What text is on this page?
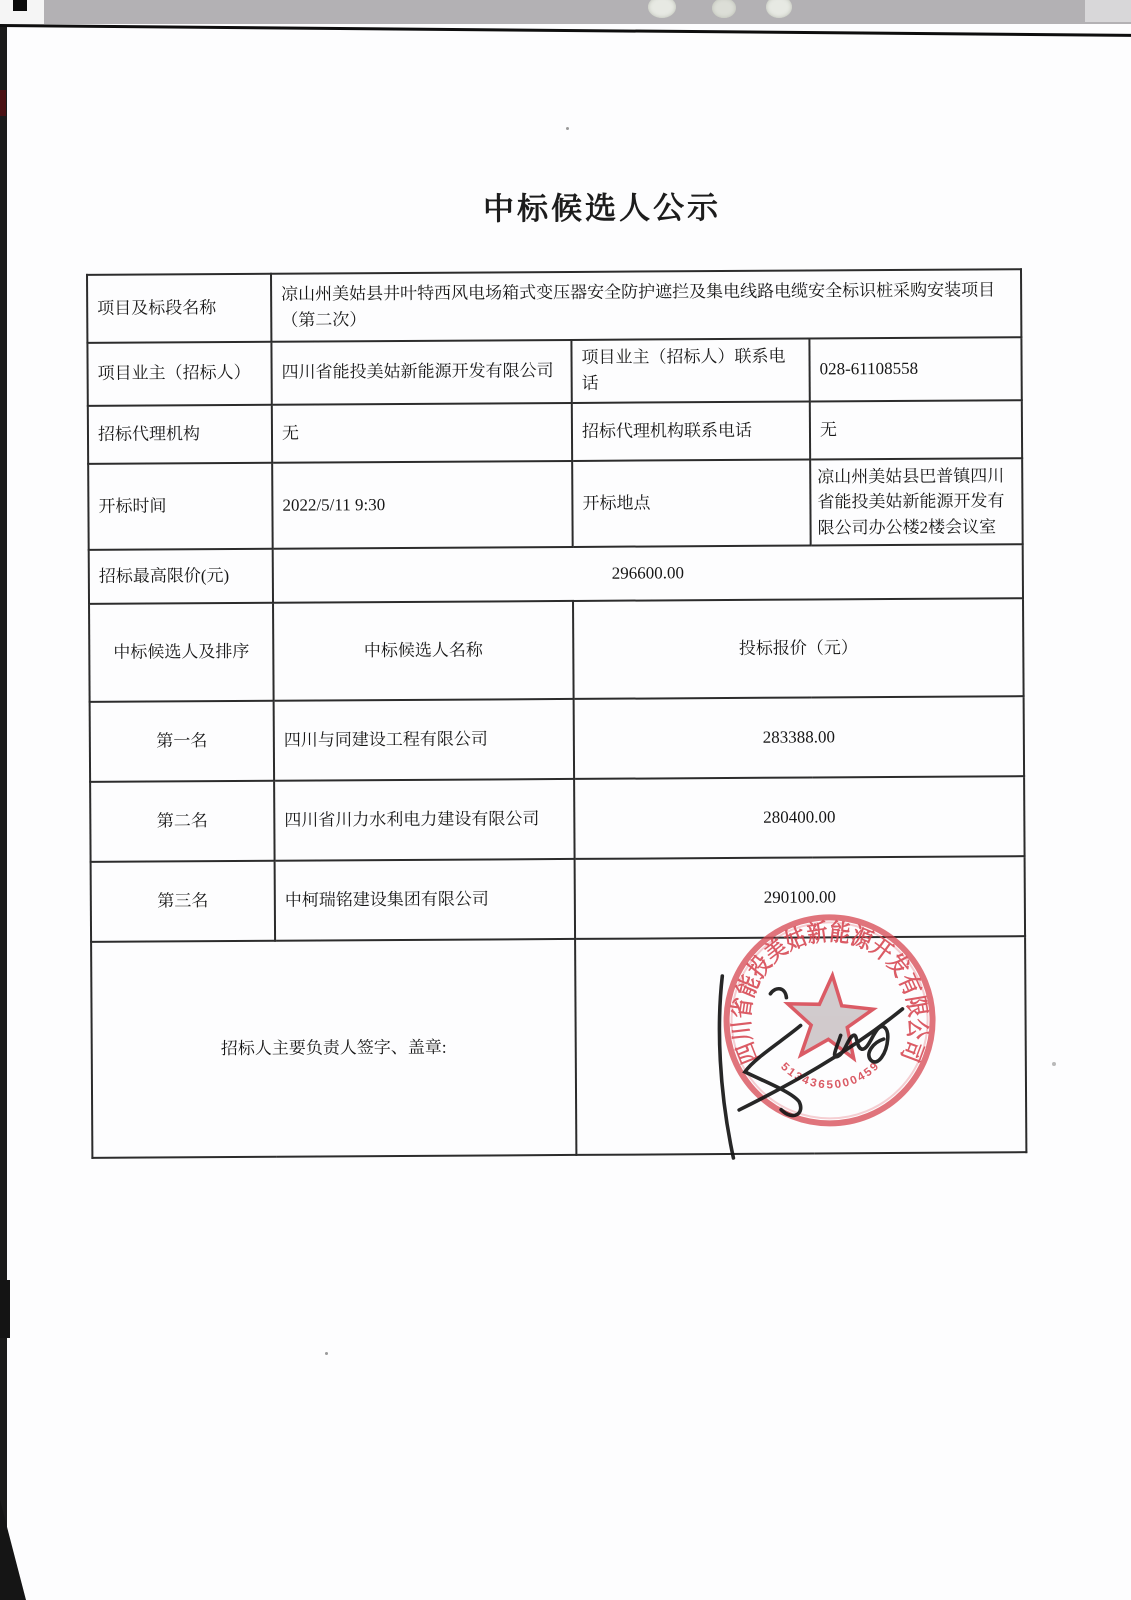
中标候选人公示
项目及标段名称	凉山州美姑县井叶特西风电场箱式变压器安全防护遮拦及集电线路电缆安全标识桩采购安装项目（第二次）		
项目业主（招标人）	四川省能投美姑新能源开发有限公司	项目业主（招标人）联系电话	028-61108558
招标代理机构	无	招标代理机构联系电话	无
开标时间	2022/5/11 9:30	开标地点	凉山州美姑县巴普镇四川省能投美姑新能源开发有限公司办公楼2楼会议室
招标最高限价(元)	296600.00		
中标候选人及排序	中标候选人名称	投标报价（元）	
第一名	四川与同建设工程有限公司	283388.00	
第二名	四川省川力水利电力建设有限公司	280400.00	
第三名	中柯瑞铭建设集团有限公司	290100.00	
招标人主要负责人签字、盖章:				四川省能投美姑新能源开发有限公司
5134365000459
